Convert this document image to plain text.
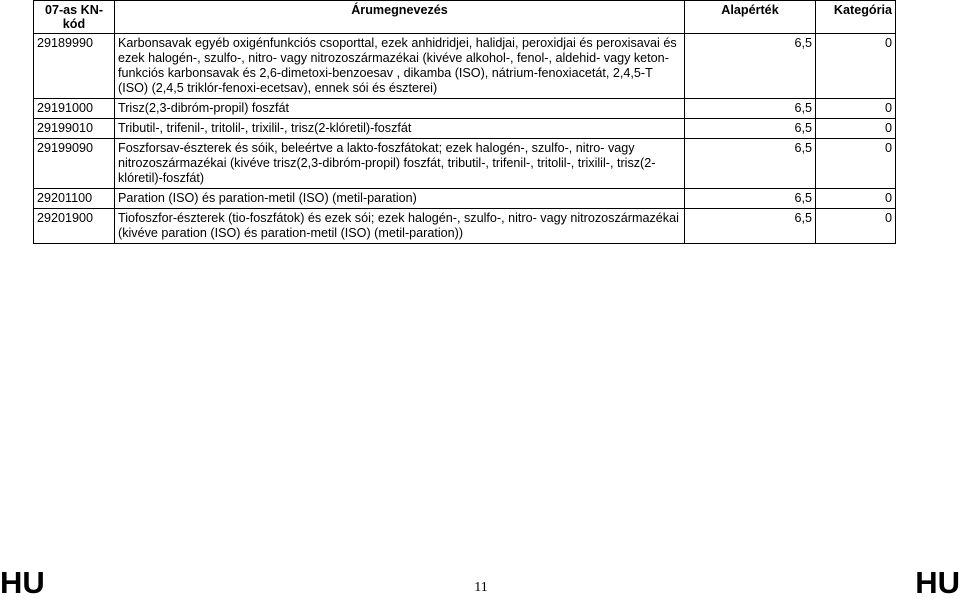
07-as KN-kód	Árumegnevezés	Alapérték	Kategória
29189990	Karbonsavak egyéb oxigénfunkciós csoporttal, ezek anhidridjei, halidjai, peroxidjai és peroxisavai és ezek halogén-, szulfo-, nitro- vagy nitrozoszármazékai (kivéve alkohol-, fenol-, aldehid- vagy keton-funkciós karbonsavak és 2,6-dimetoxi-benzoesav , dikamba (ISO), nátrium-fenoxiacetát, 2,4,5-T (ISO) (2,4,5 triklór-fenoxi-ecetsav), ennek sói és észterei)	6,5	0
29191000	Trisz(2,3-dibróm-propil) foszfát	6,5	0
29199010	Tributil-, trifenil-, tritolil-, trixilil-, trisz(2-klóretil)-foszfát	6,5	0
29199090	Foszforsav-észterek és sóik, beleértve a lakto-foszfátokat; ezek halogén-, szulfo-, nitro- vagy nitrozoszármazékai (kivéve trisz(2,3-dibróm-propil) foszfát, tributil-, trifenil-, tritolil-, trixilil-, trisz(2-klóretil)-foszfát)	6,5	0
29201100	Paration (ISO) és paration-metil (ISO) (metil-paration)	6,5	0
29201900	Tiofoszfor-észterek (tio-foszfátok) és ezek sói; ezek halogén-, szulfo-, nitro- vagy nitrozoszármazékai (kivéve paration (ISO) és paration-metil (ISO) (metil-paration))	6,5	0
HU	11	HU
